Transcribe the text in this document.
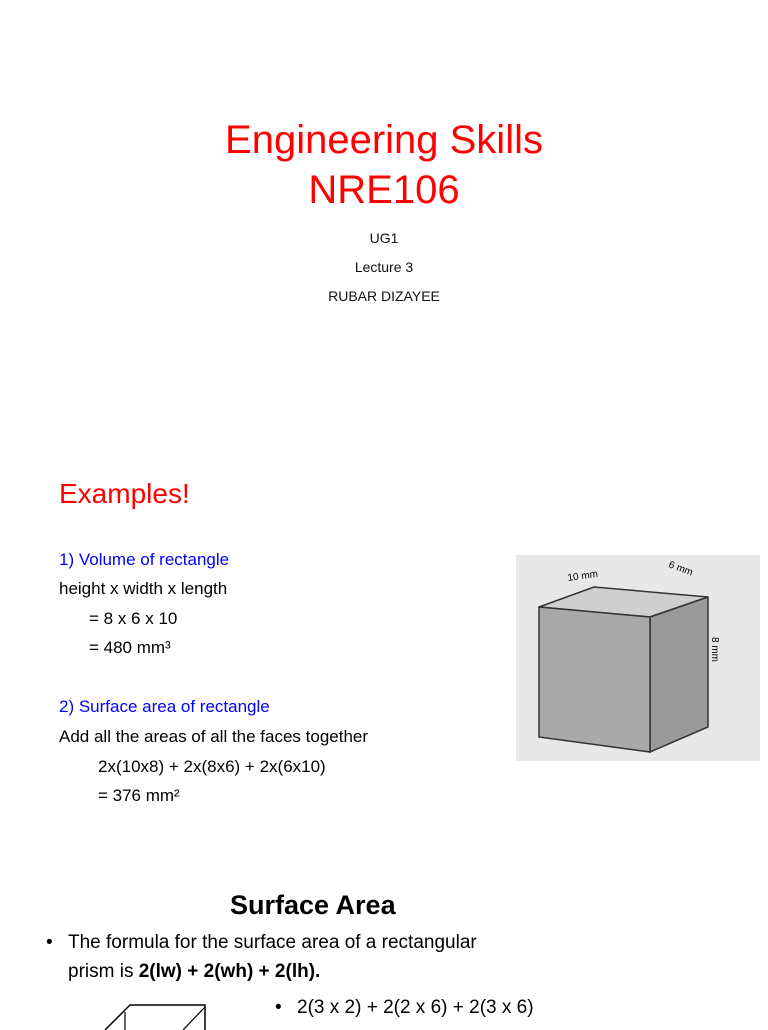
Engineering Skills
NRE106
UG1
Lecture 3
RUBAR DIZAYEE
Examples!
1) Volume of rectangle
height x width x length
= 8 x 6 x 10
= 480 mm³
2) Surface area of rectangle
Add all the areas of all the faces together
2x(10x8) + 2x(8x6) + 2x(6x10)
= 376 mm²
10 mm	6 mm
8 mm
Surface Area
• The formula for the surface area of a rectangular
prism is 2(lw) + 2(wh) + 2(lh).
• 2(3 x 2) + 2(2 x 6) + 2(3 x 6)
